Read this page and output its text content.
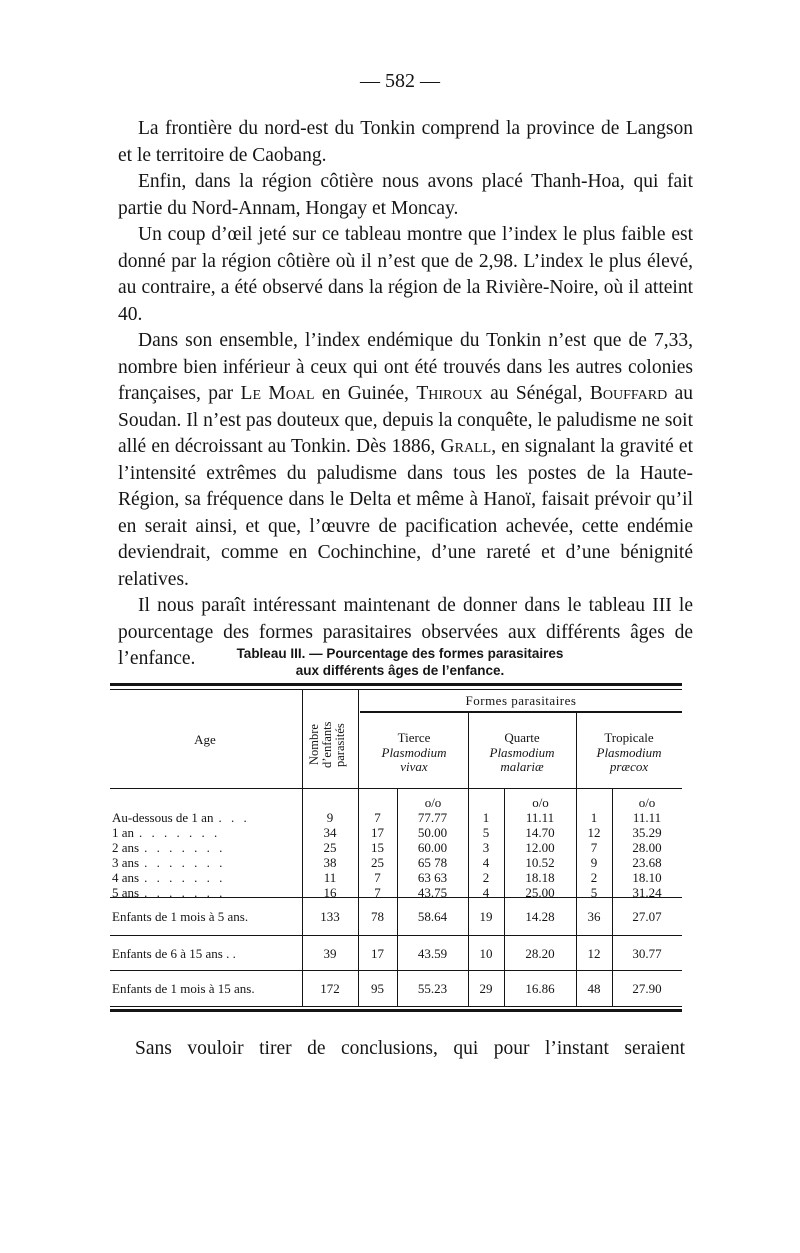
— 582 —

La frontière du nord-est du Tonkin comprend la province de Langson et le territoire de Caobang.

Enfin, dans la région côtière nous avons placé Thanh-Hoa, qui fait partie du Nord-Annam, Hongay et Moncay.

Un coup d’œil jeté sur ce tableau montre que l’index le plus faible est donné par la région côtière où il n’est que de 2,98. L’index le plus élevé, au contraire, a été observé dans la région de la Rivière-Noire, où il atteint 40.

Dans son ensemble, l’index endémique du Tonkin n’est que de 7,33, nombre bien inférieur à ceux qui ont été trouvés dans les autres colonies françaises, par Le Moal en Guinée, Thiroux au Sénégal, Bouffard au Soudan. Il n’est pas douteux que, depuis la conquête, le paludisme ne soit allé en décroissant au Tonkin. Dès 1886, Grall, en signalant la gravité et l’intensité extrêmes du paludisme dans tous les postes de la Haute-Région, sa fréquence dans le Delta et même à Hanoï, faisait prévoir qu’il en serait ainsi, et que, l’œuvre de pacification achevée, cette endémie deviendrait, comme en Cochinchine, d’une rareté et d’une bénignité relatives.

Il nous paraît intéressant maintenant de donner dans le tableau III le pourcentage des formes parasitaires observées aux différents âges de l’enfance.	Tableau III. — Pourcentage des formes parasitaires
aux différents âges de l’enfance.
Age	Nombre d’enfants parasités
Formes parasitaires
Tierce
Plasmodium
vivax
Quarte
Plasmodium
malariæ
Tropicale
Plasmodium
præcox
o/o	o/o	o/o
Au-dessous de 1 an . . .	9	7	77.77	1	11.11	1	11.11
1 an . . . . . . .	34	17	50.00	5	14.70	12	35.29
2 ans . . . . . . .	25	15	60.00	3	12.00	7	28.00
3 ans . . . . . . .	38	25	65 78	4	10.52	9	23.68
4 ans . . . . . . .	11	7	63 63	2	18.18	2	18.10
5 ans . . . . . . .	16	7	43.75	4	25.00	5	31.24
Enfants de 1 mois à 5 ans.	133	78	58.64	19	14.28	36	27.07
Enfants de 6 à 15 ans . .	39	17	43.59	10	28.20	12	30.77
Enfants de 1 mois à 15 ans.	172	95	55.23	29	16.86	48	27.90
Sans vouloir tirer de conclusions, qui pour l’instant seraient
